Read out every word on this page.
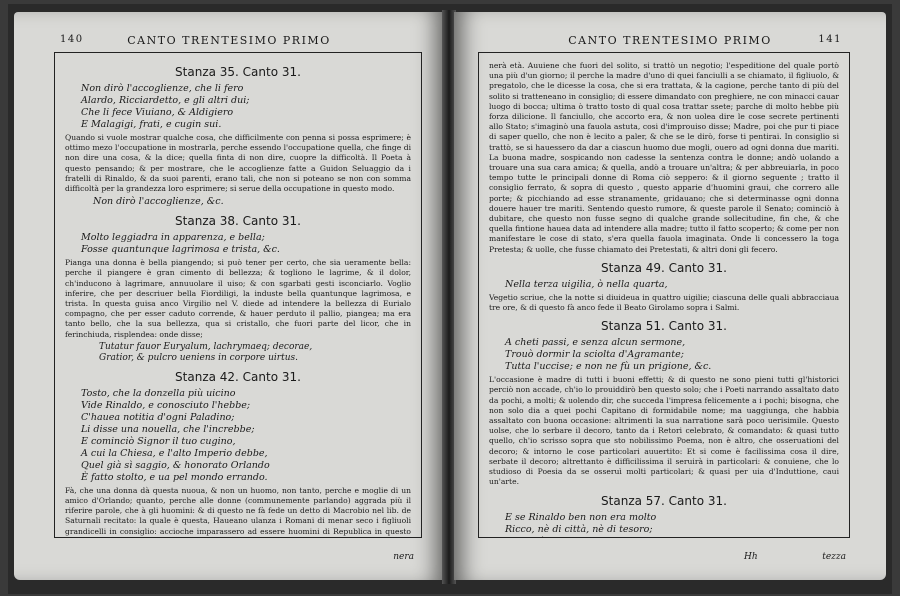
140	CANTO TRENTESIMO PRIMO
Stanza 35. Canto 31.
Non dirò l'accoglienze, che li fero
Alardo, Ricciardetto, e gli altri dui;
Che li fece Viuiano, & Aldigiero
E Malagigi, frati, e cugin sui.

Quando si vuole mostrar qualche cosa, che difficilmente con penna si possa esprimere; è ottimo mezo l'occupatione in mostrarla, perche essendo l'occupatione quella, che finge di non dire una cosa, & la dice; quella finta di non dire, cuopre la difficoltà. Il Poeta à questo pensando; & per mostrare, che le accoglienze fatte a Guidon Seluaggio da i fratelli di Rinaldo, & da suoi parenti, erano tali, che non si poteano se non con somma difficoltà per la grandezza loro esprimere; si serue della occupatione in questo modo.

Non dirò l'accoglienze, &c.
Stanza 38. Canto 31.
Molto leggiadra in apparenza, e bella;
Fosse quantunque lagrimosa e trista, &c.

Pianga una donna è bella piangendo; si può tener per certo, che sia ueramente bella: perche il piangere è gran cimento di bellezza; & togliono le lagrime, & il dolor, ch'inducono à lagrimare, annuuolare il uiso; & con sgarbati gesti isconciarlo. Voglio inferire, che per descriuer bella Fiordiligi, la induste bella quantunque lagrimosa, e trista. In questa guisa anco Virgilio nel V. diede ad intendere la bellezza di Eurialo compagno, che per esser caduto corrende, & hauer perduto il pallio, piangea; ma era tanto bello, che la sua bellezza, qua si cristallo, che fuori parte del licor, che in ferinchiuda, risplendea: onde disse;

Tutatur fauor Euryalum, lachrymaeq; decorae,
Gratior, & pulcro ueniens in corpore uirtus.
Stanza 42. Canto 31.
Tosto, che la donzella più uicino
Vide Rinaldo, e conosciuto l'hebbe;
C'hauea notitia d'ogni Paladino;
Li disse una nouella, che l'increbbe;
E cominciò Signor il tuo cugino,
A cui la Chiesa, e l'alto Imperio debbe,
Quel già sì saggio, & honorato Orlando
È fatto stolto, e ua pel mondo errando.

Fà, che una donna dà questa nuoua, & non un huomo, non tanto, perche e moglie di un amico d'Orlando; quanto, perche alle donne (communemente parlando) aggrada più il riferire parole, che à gli huomini: & di questo ne fà fede un detto di Macrobio nel lib. de Saturnali recitato: la quale è questa, Haueano ulanza i Romani di menar seco i figliuoli grandicelli in consiglio: accioche imparassero ad essere huomini di Republica in questo

nera
CANTO TRENTESIMO PRIMO	141

nerà età. Auuiene che fuori del solito, si trattò un negotio; l'espeditione del quale portò una più d'un giorno; il perche la madre d'uno di quei fanciulli a se chiamato, il figliuolo, & pregatolo, che le dicesse la cosa, che si era trattata, & la cagione, perche tanto di più del solito si tratteneano in consiglio; di essere dimandato con preghiere, ne con minacci cauar luogo di bocca; ultima ò tratto tosto di qual cosa trattar ssete; parche di molto hebbe più forza dilicione. Il fanciullo, che accorto era, & non uolea dire le cose secrete pertinenti allo Stato; s'imaginò una fauola astuta, cosi d'improuiso disse; Madre, poi che pur ti piace di saper quello, che non è lecito a paler, & che se le dirò, forse ti pentirai. In consiglio si trattò, se si hauessero da dar a ciascun huomo due mogli, ouero ad ogni donna due mariti. La buona madre, sospicando non cadesse la sentenza contra le donne; andò uolando a trouare una sua cara amica; & quella, andò a trouare un'altra; & per abbreuiarla, in poco tempo tutte le principali donne di Roma ciò seppero: & il giorno seguente ; tratto il consiglio ferrato, & sopra di questo , questo apparie d'huomini graui, che correro alle porte; & picchiando ad esse stranamente, gridauano; che si determinasse ogni donna douere hauer tre mariti. Sentendo questo rumore, & queste parole il Senato; cominciò à dubitare, che questo non fusse segno di qualche grande sollecitudine, fin che, & che quella fintione hauea data ad intendere alla madre; tutto il fatto scoperto; & come per non manifestare le cose di stato, s'era quella fauola imaginata. Onde li concessero la toga Pretesta; & uolle, che fusse chiamato dei Pretestati, & altri doni gli fecero.

Stanza 49. Canto 31.
Nella terza uigilia, ò nella quarta,

Vegetio scriue, che la notte si diuideua in quattro uigilie; ciascuna delle quali abbracciaua tre ore, & di questo fà anco fede il Beato Girolamo sopra i Salmi.

Stanza 51. Canto 31.
A cheti passi, e senza alcun sermone,
Trouò dormir la sciolta d'Agramante;
Tutta l'uccise; e non ne fù un prigione, &c.

L'occasione è madre di tutti i buoni effetti; & di questo ne sono pieni tutti gl'historici perciò non accade, ch'io lo prouiddirò ben questo solo; che i Poeti narrando assaltato dato da pochi, a molti; & uolendo dir, che succeda l'impresa felicemente a i pochi; bisogna, che non solo dia a quei pochi Capitano di formidabile nome; ma uaggiunga, che habbia assaltato con buona occasione: altrimenti la sua narratione sarà poco uerisimile. Questo uolse, che lo serbare il decoro, tanto da i Retori celebrato, & comandato: & quasi tutto quello, ch'io scrisso sopra que sto nobilissimo Poema, non è altro, che osseruationi del decoro; & intorno le cose particolari auuertito: Et si come è facilissima cosa il dire, serbate il decoro; altrettanto è difficilissima il seruirà in particolari: & conuiene, che lo studioso di Poesia da se osseruì molti particolari; & quasi per uia d'Induttione, caui un'arte.

Stanza 57. Canto 31.
E se Rinaldo ben non era molto
Ricco, nè di città, nè di tesoro;

Hh	tezza
